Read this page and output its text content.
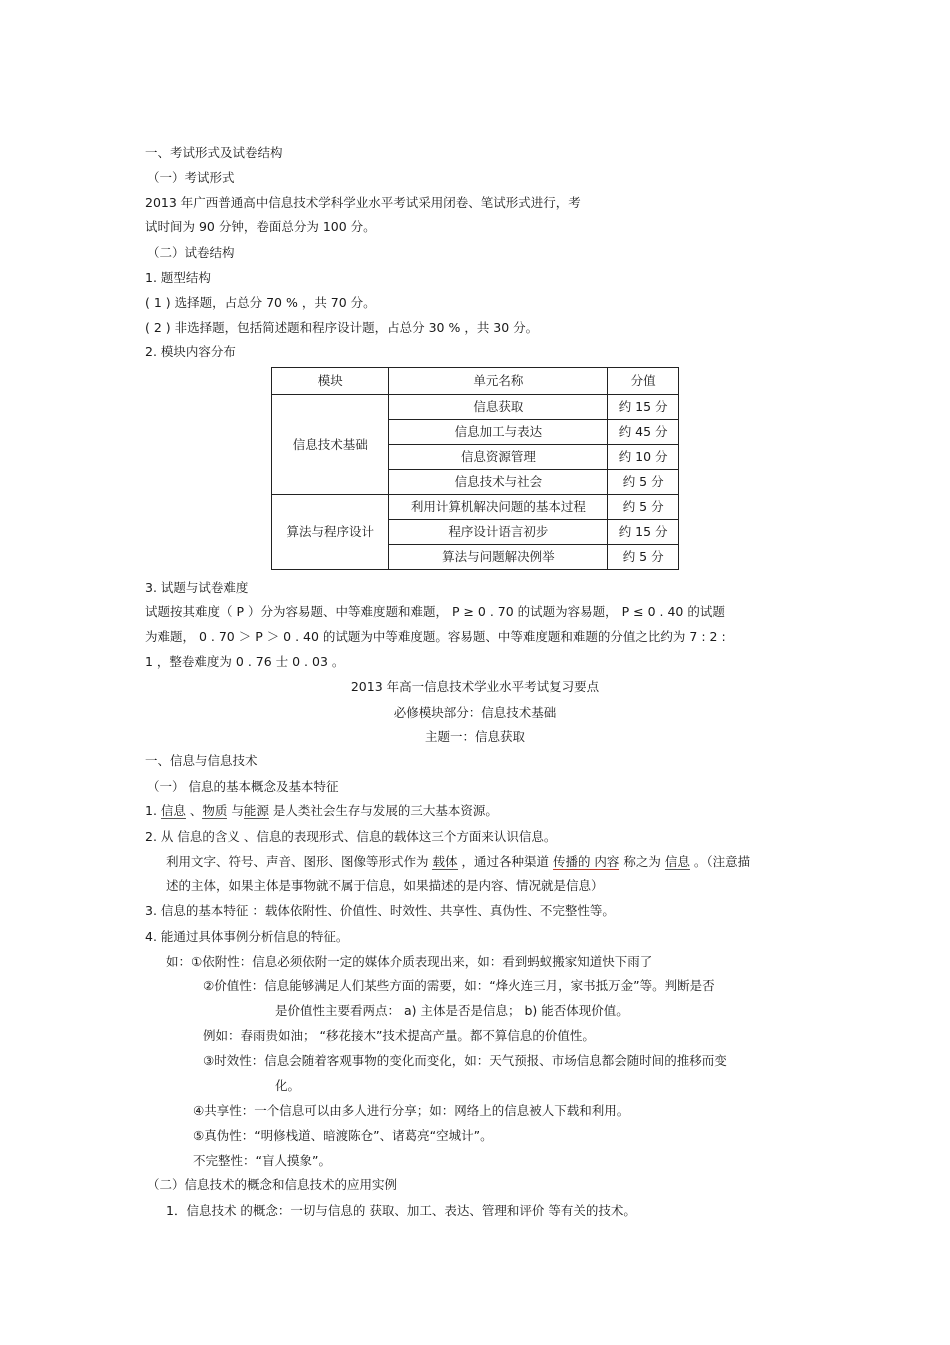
一、考试形式及试卷结构
（一）考试形式
2013 年广西普通高中信息技术学科学业水平考试采用闭卷、笔试形式进行，考
试时间为 90 分钟，卷面总分为 100 分。
（二）试卷结构
1. 题型结构
( 1 ) 选择题，占总分 70 % ，共 70 分。
( 2 ) 非选择题，包括简述题和程序设计题，占总分 30 % ，共 30 分。
2. 模块内容分布
模块	单元名称	分值
信息技术基础	信息获取	约 15 分
	信息加工与表达	约 45 分
	信息资源管理	约 10 分
	信息技术与社会	约 5 分
算法与程序设计	利用计算机解决问题的基本过程	约 5 分
	程序设计语言初步	约 15 分
	算法与问题解决例举	约 5 分
3. 试题与试卷难度
试题按其难度（ P ）分为容易题、中等难度题和难题， P ≥ 0 . 70 的试题为容易题， P ≤ 0 . 40 的试题
为难题， 0 . 70 ＞ P ＞ 0 . 40 的试题为中等难度题。容易题、中等难度题和难题的分值之比约为 7 : 2 :
1 ，整卷难度为 0 . 76 士 0 . 03 。
2013 年高一信息技术学业水平考试复习要点
必修模块部分：信息技术基础
主题一：信息获取
一、信息与信息技术
（一） 信息的基本概念及基本特征
1. 信息 、物质 与能源 是人类社会生存与发展的三大基本资源。
2. 从 信息的含义 、信息的表现形式、信息的载体这三个方面来认识信息。
利用文字、符号、声音、图形、图像等形式作为 载体 ，通过各种渠道 传播的 内容 称之为 信息 。（注意描
述的主体，如果主体是事物就不属于信息，如果描述的是内容、情况就是信息）
3. 信息的基本特征 ：载体依附性、价值性、时效性、共享性、真伪性、不完整性等。
4. 能通过具体事例分析信息的特征。
如：①依附性：信息必须依附一定的媒体介质表现出来，如：看到蚂蚁搬家知道快下雨了
②价值性：信息能够满足人们某些方面的需要，如：“烽火连三月，家书抵万金”等。判断是否
是价值性主要看两点： a) 主体是否是信息； b) 能否体现价值。
例如：春雨贵如油； “移花接木”技术提高产量。都不算信息的价值性。
③时效性：信息会随着客观事物的变化而变化，如：天气预报、市场信息都会随时间的推移而变
化。
④共享性：一个信息可以由多人进行分享；如：网络上的信息被人下载和利用。
⑤真伪性：“明修栈道、暗渡陈仓”、诸葛亮“空城计”。
不完整性：“盲人摸象”。
（二）信息技术的概念和信息技术的应用实例
1．信息技术 的概念：一切与信息的 获取、加工、表达、管理和评价 等有关的技术。
